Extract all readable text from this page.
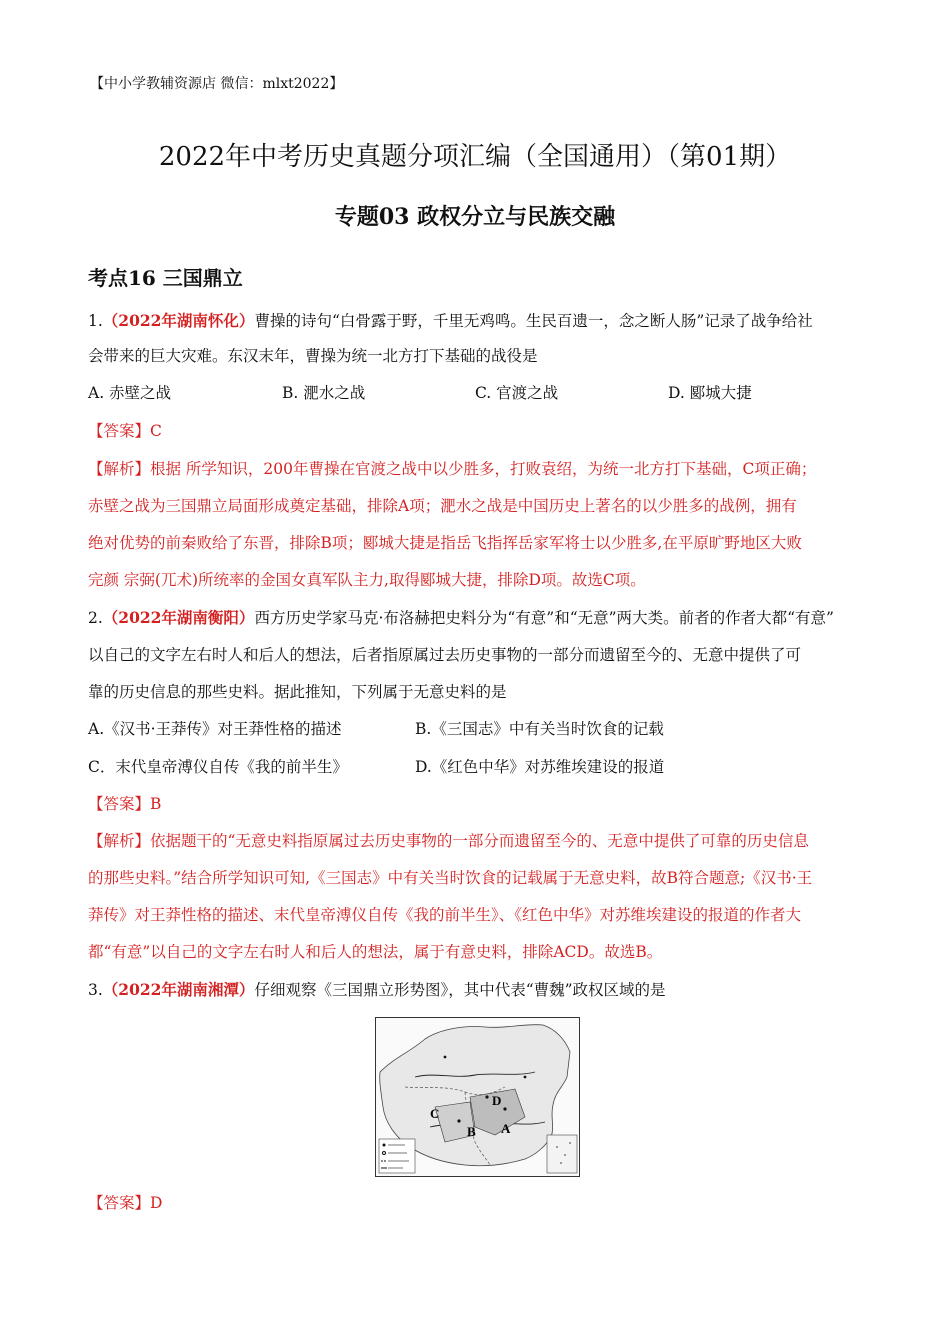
【中小学教辅资源店 微信：mlxt2022】
2022年中考历史真题分项汇编（全国通用）（第01期）
专题03 政权分立与民族交融
考点16 三国鼎立
1.（2022年湖南怀化）曹操的诗句“白骨露于野，千里无鸡鸣。生民百遗一，念之断人肠”记录了战争给社
会带来的巨大灾难。东汉末年，曹操为统一北方打下基础的战役是
A. 赤壁之战	B. 淝水之战	C. 官渡之战	D. 郾城大捷
【答案】C
【解析】根据 所学知识，200年曹操在官渡之战中以少胜多，打败袁绍，为统一北方打下基础，C项正确；
赤壁之战为三国鼎立局面形成奠定基础，排除A项；淝水之战是中国历史上著名的以少胜多的战例，拥有
绝对优势的前秦败给了东晋，排除B项；郾城大捷是指岳飞指挥岳家军将士以少胜多,在平原旷野地区大败
完颜 宗弼(兀术)所统率的金国女真军队主力,取得郾城大捷，排除D项。故选C项。
2.（2022年湖南衡阳）西方历史学家马克·布洛赫把史料分为“有意”和“无意”两大类。前者的作者大都“有意”
以自己的文字左右时人和后人的想法，后者指原属过去历史事物的一部分而遗留至今的、无意中提供了可
靠的历史信息的那些史料。据此推知，下列属于无意史料的是
A.《汉书·王莽传》对王莽性格的描述	B.《三国志》中有关当时饮食的记载
C．末代皇帝溥仪自传《我的前半生》	D.《红色中华》对苏维埃建设的报道
【答案】B
【解析】依据题干的“无意史料指原属过去历史事物的一部分而遗留至今的、无意中提供了可靠的历史信息
的那些史料。”结合所学知识可知,《三国志》中有关当时饮食的记载属于无意史料，故B符合题意;《汉书·王
莽传》对王莽性格的描述、末代皇帝溥仪自传《我的前半生》、《红色中华》对苏维埃建设的报道的作者大
都“有意”以自己的文字左右时人和后人的想法，属于有意史料，排除ACD。故选B。
3.（2022年湖南湘潭）仔细观察《三国鼎立形势图》，其中代表“曹魏”政权区域的是
A
B
C
D
【答案】D
